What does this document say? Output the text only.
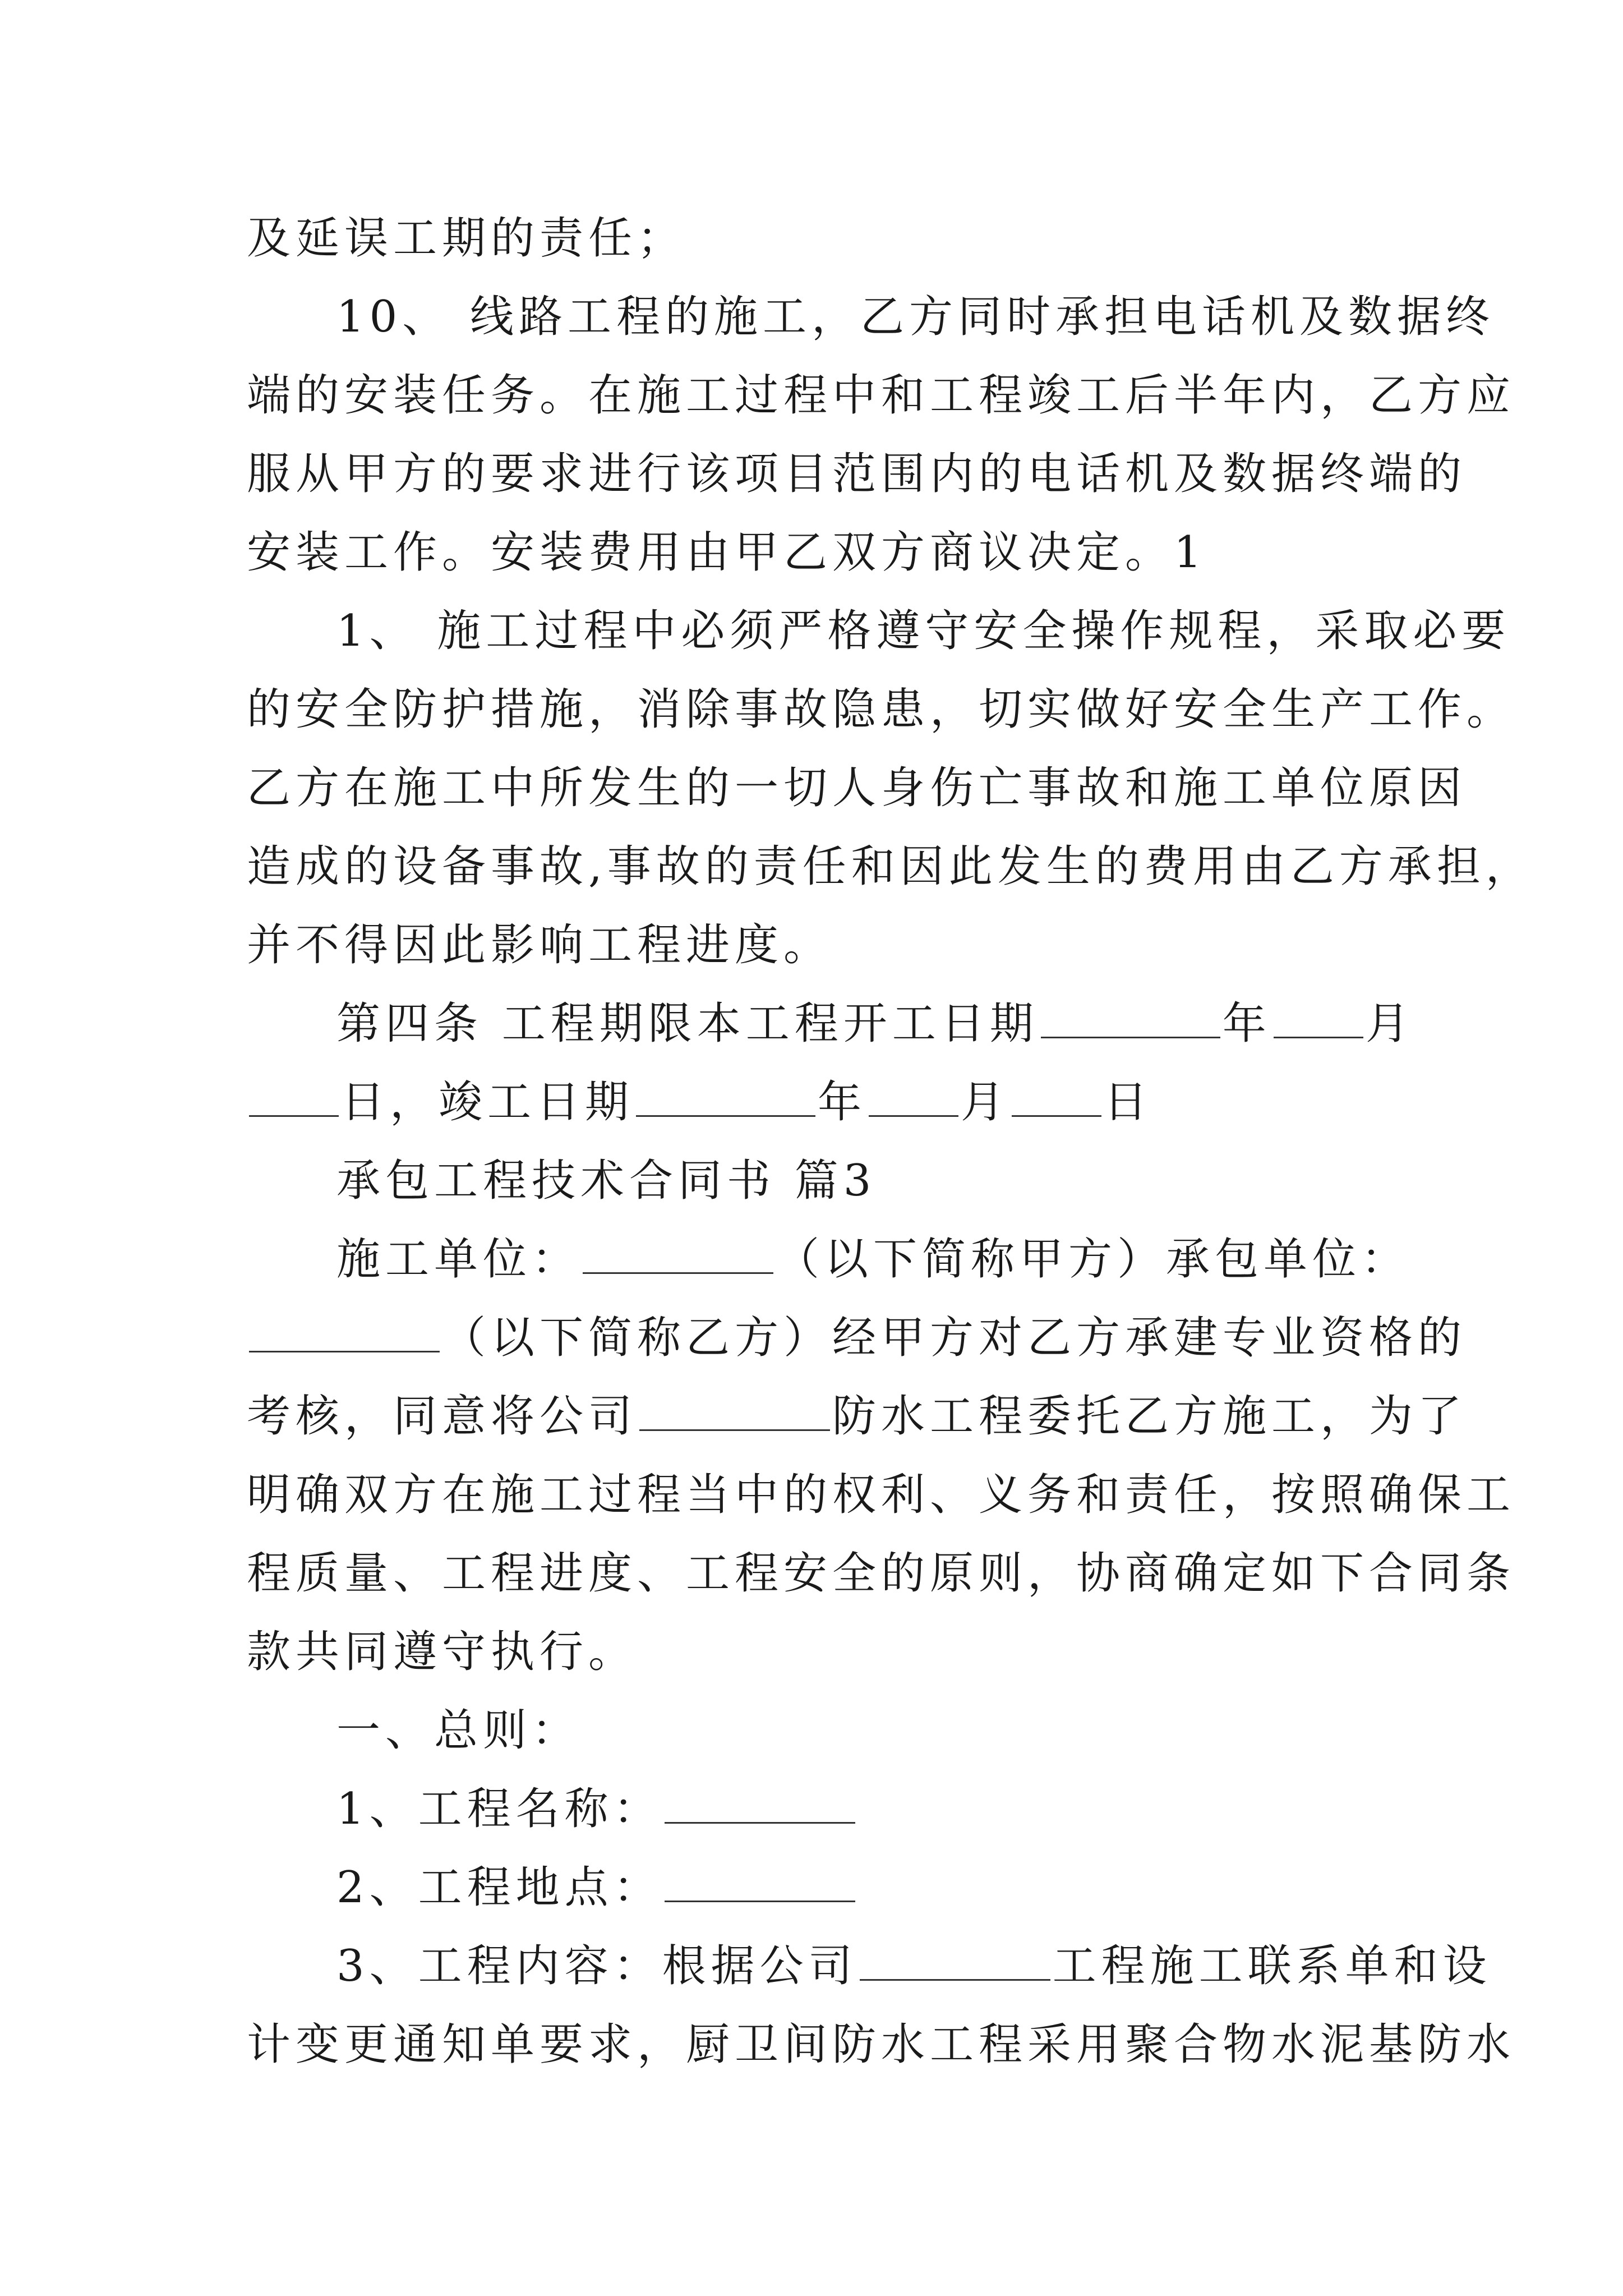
及延误工期的责任；
10、 线路工程的施工，乙方同时承担电话机及数据终
端的安装任务。在施工过程中和工程竣工后半年内，乙方应
服从甲方的要求进行该项目范围内的电话机及数据终端的
安装工作。安装费用由甲乙双方商议决定。1
1、 施工过程中必须严格遵守安全操作规程，采取必要
的安全防护措施，消除事故隐患，切实做好安全生产工作。
乙方在施工中所发生的一切人身伤亡事故和施工单位原因
造成的设备事故,事故的责任和因此发生的费用由乙方承担，
并不得因此影响工程进度。
第四条 工程期限本工程开工日期	年 月
日，竣工日期	年 月 日
承包工程技术合同书 篇3
施工单位：	（以下简称甲方）承包单位：
（以下简称乙方）经甲方对乙方承建专业资格的
考核，同意将公司	防水工程委托乙方施工，为了
明确双方在施工过程当中的权利、义务和责任，按照确保工
程质量、工程进度、工程安全的原则，协商确定如下合同条
款共同遵守执行。
一、总则：
1、工程名称：
2、工程地点：
3、工程内容：根据公司	工程施工联系单和设
计变更通知单要求，厨卫间防水工程采用聚合物水泥基防水
